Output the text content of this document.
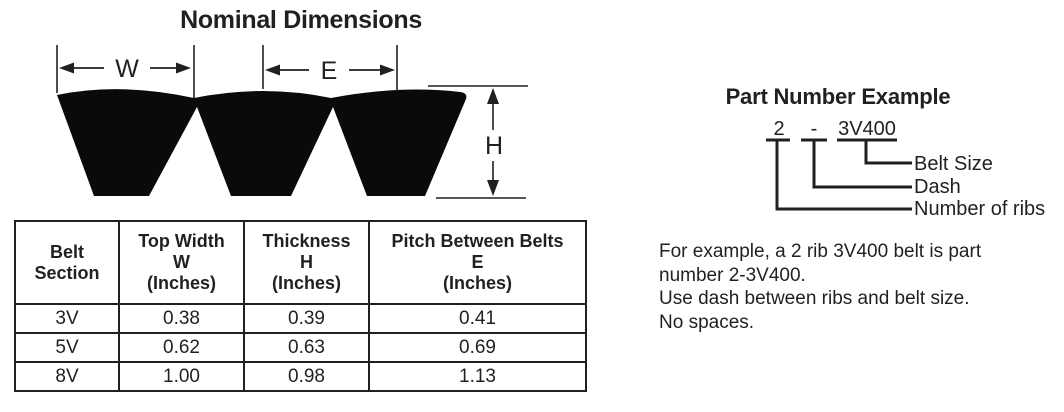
Nominal Dimensions
W	E
H
Belt
Section

Top Width
W
(Inches)

Thickness
H
(Inches)

Pitch Between Belts
E
(Inches)

3V	0.38	0.39	0.41
5V	0.62	0.63	0.69
8V	1.00	0.98	1.13
Part Number Example
2 - 3V400
Belt Size
Dash
Number of ribs
For example, a 2 rib 3V400 belt is part
number 2-3V400.
Use dash between ribs and belt size.
No spaces.
